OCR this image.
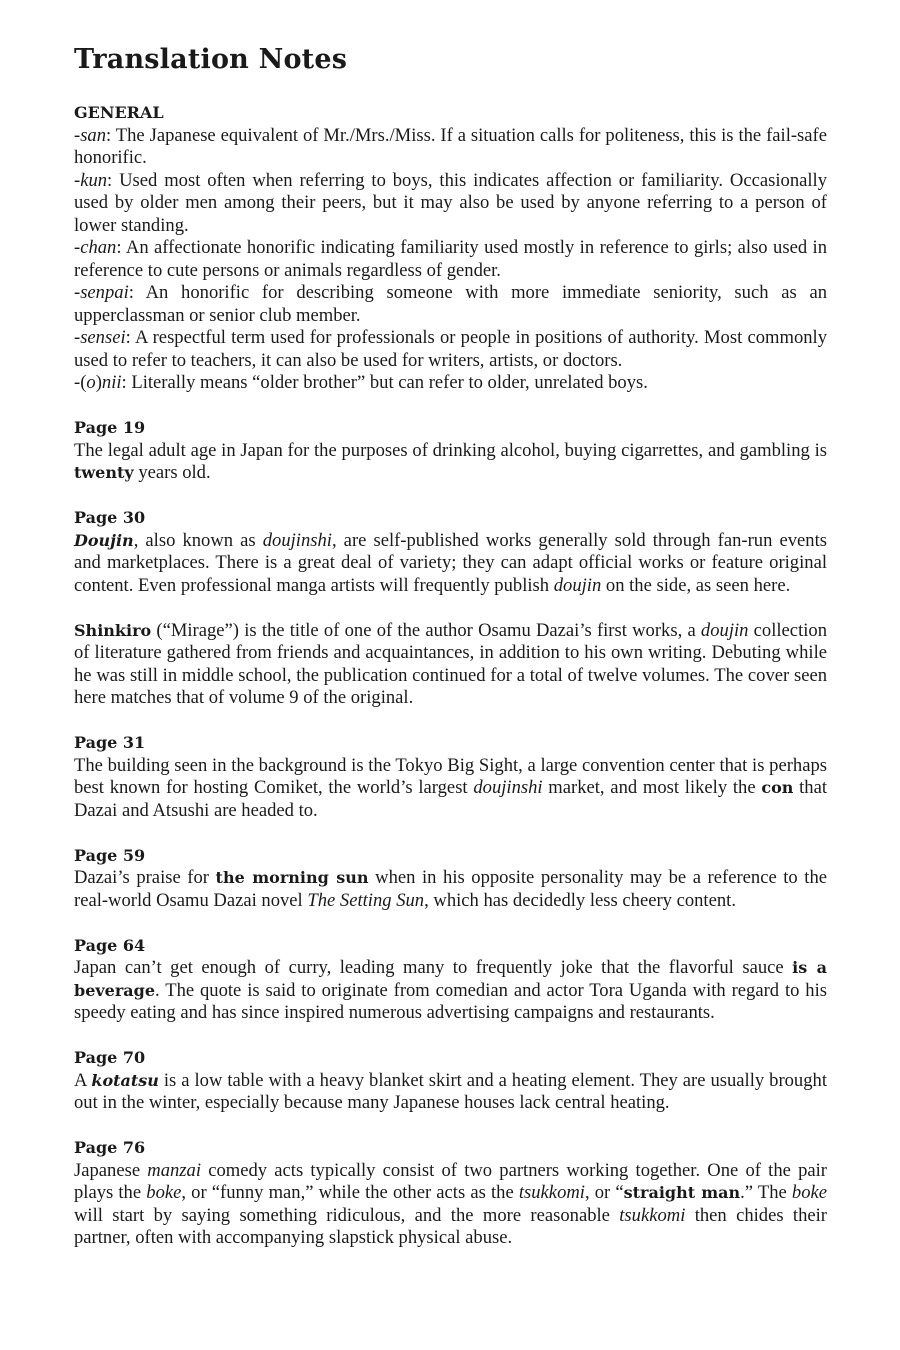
Translation Notes
GENERAL

-san: The Japanese equivalent of Mr./Mrs./Miss. If a situation calls for politeness, this is the fail-safe honorific.

-kun: Used most often when referring to boys, this indicates affection or familiarity. Occasionally used by older men among their peers, but it may also be used by anyone referring to a person of lower standing.

-chan: An affectionate honorific indicating familiarity used mostly in reference to girls; also used in reference to cute persons or animals regardless of gender.

-senpai: An honorific for describing someone with more immediate seniority, such as an upperclassman or senior club member.

-sensei: A respectful term used for professionals or people in positions of authority. Most commonly used to refer to teachers, it can also be used for writers, artists, or doctors.

-(o)nii: Literally means “older brother” but can refer to older, unrelated boys.

Page 19

The legal adult age in Japan for the purposes of drinking alcohol, buying cigarrettes, and gambling is twenty years old.

Page 30

Doujin, also known as doujinshi, are self-published works generally sold through fan-run events and marketplaces. There is a great deal of variety; they can adapt official works or feature original content. Even professional manga artists will frequently publish doujin on the side, as seen here.

Shinkiro (“Mirage”) is the title of one of the author Osamu Dazai’s first works, a doujin collection of literature gathered from friends and acquaintances, in addition to his own writing. Debuting while he was still in middle school, the publication continued for a total of twelve volumes. The cover seen here matches that of volume 9 of the original.

Page 31

The building seen in the background is the Tokyo Big Sight, a large convention center that is perhaps best known for hosting Comiket, the world’s largest doujinshi market, and most likely the con that Dazai and Atsushi are headed to.

Page 59

Dazai’s praise for the morning sun when in his opposite personality may be a reference to the real-world Osamu Dazai novel The Setting Sun, which has decidedly less cheery content.

Page 64

Japan can’t get enough of curry, leading many to frequently joke that the flavorful sauce is a beverage. The quote is said to originate from comedian and actor Tora Uganda with regard to his speedy eating and has since inspired numerous advertising campaigns and restaurants.

Page 70

A kotatsu is a low table with a heavy blanket skirt and a heating element. They are usually brought out in the winter, especially because many Japanese houses lack central heating.

Page 76

Japanese manzai comedy acts typically consist of two partners working together. One of the pair plays the boke, or “funny man,” while the other acts as the tsukkomi, or “straight man.” The boke will start by saying something ridiculous, and the more reasonable tsukkomi then chides their partner, often with accompanying slapstick physical abuse.
